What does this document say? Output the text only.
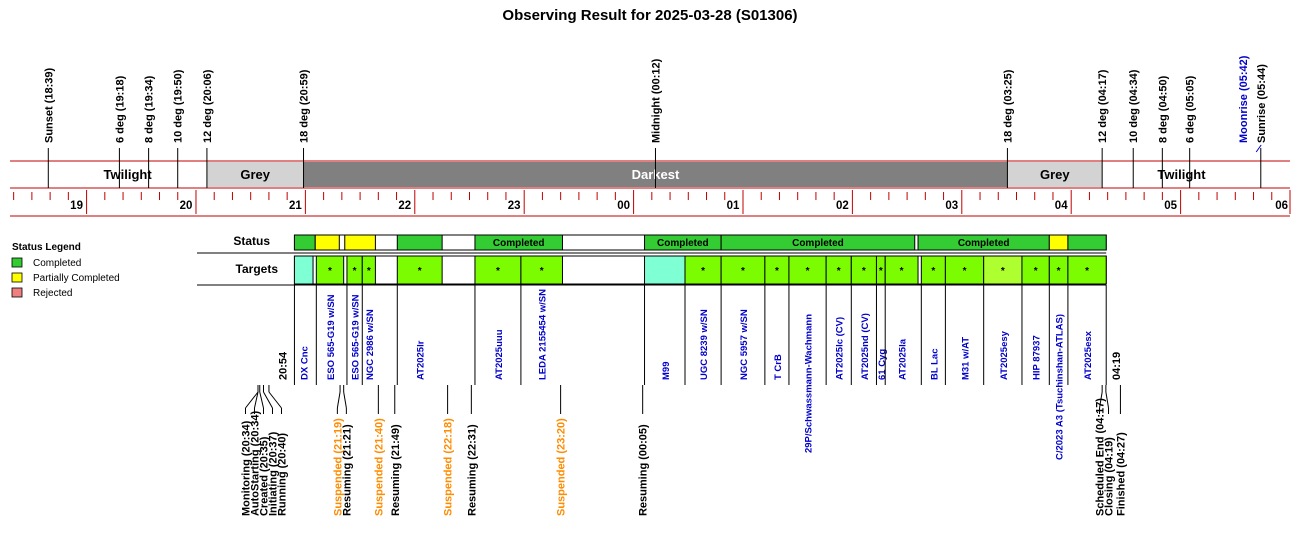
Observing Result for 2025-03-28 (S01306)
Twilight	Grey	Darkest	Grey	Twilight
19	20	21	22	23	00	01	02	03	04	05	06
Sunset (18:39)	6 deg (19:18) 8 deg (19:34) 10 deg (19:50) 12 deg (20:06)	18 deg (20:59)	Midnight (00:12)	18 deg (03:25)	12 deg (04:17) 10 deg (04:34) 8 deg (04:50) 6 deg (05:05)	Moonrise (05:42) Sunrise (05:44)
Status Legend
Completed
Partially Completed
Rejected
Status
Targets
Completed	Completed	Completed	Completed
DX Cnc
*
ESO 565-G19 w/SN
*
ESO 565-G19 w/SN
*
NGC 2986 w/SN
*
AT2025lr
*
AT2025uuu
*
LEDA 2155454 w/SN	M99
*
UGC 8239 w/SN
*
NGC 5957 w/SN
*
T CrB
*
29P/Schwassmann-Wachmann
*
AT2025lc (CV)
*
AT2025nd (CV)
*
61 Cyg
*
AT2025la
*
BL Lac
*
M31 w/AT
*
AT2025esy
*
HIP 87937
*
C/2023 A3 (Tsuchinshan-ATLAS)
*
AT2025esx
20:54	04:19
Monitoring (20:34)
AutoStarting (20:34)
Created (20:35)
Initiating (20:37)
Running (20:40)	Suspended (21:19)
Resuming (21:21) Suspended (21:40) Resuming (21:49)	Suspended (22:18) Resuming (22:31)	Suspended (23:20)	Resuming (00:05)	Scheduled End (04:17)
Closing (04:19) Finished (04:27)
